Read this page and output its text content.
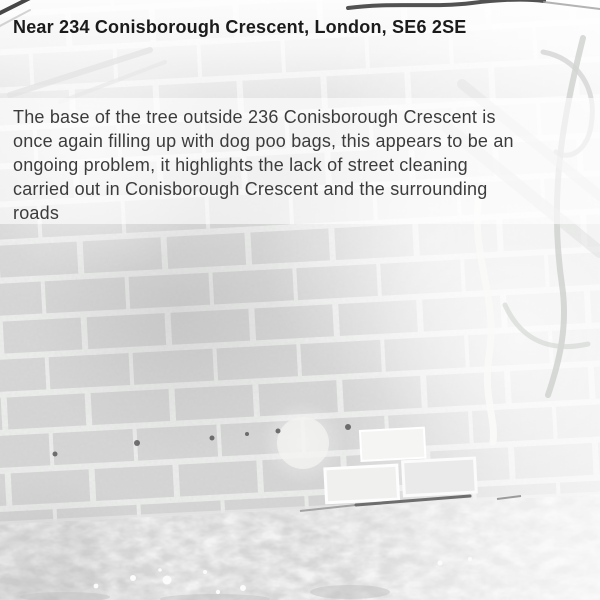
Near 234 Conisborough Crescent, London, SE6 2SE
The base of the tree outside 236 Conisborough Crescent is
once again filling up with dog poo bags, this appears to be an
ongoing problem, it highlights the lack of street cleaning
carried out in Conisborough Crescent and the surrounding
roads
